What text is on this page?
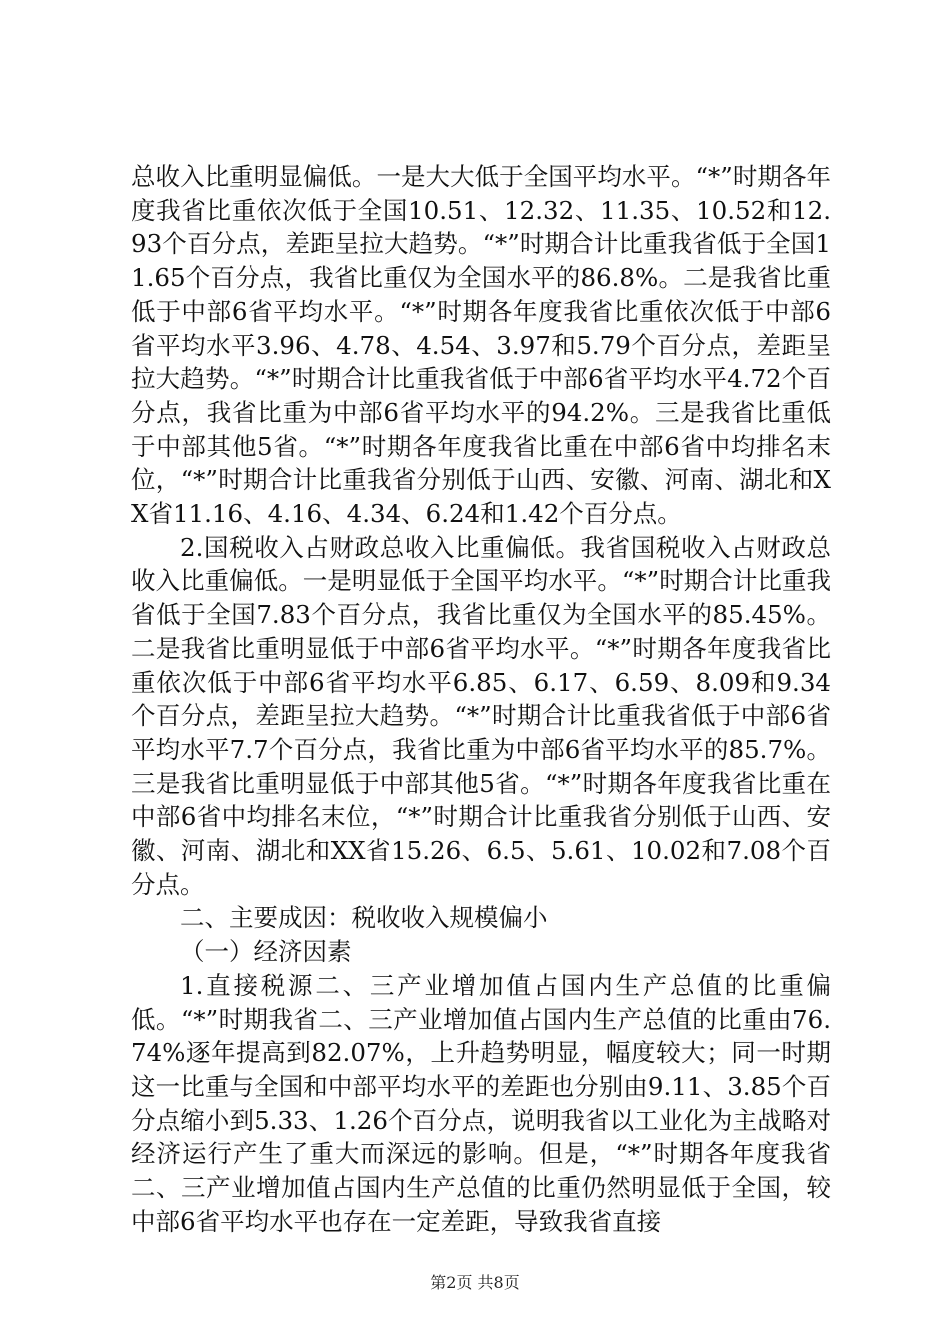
总收入比重明显偏低。一是大大低于全国平均水平。“*”时期各年度我省比重依次低于全国10.51、12.32、11.35、10.52和12.93个百分点，差距呈拉大趋势。“*”时期合计比重我省低于全国11.65个百分点，我省比重仅为全国水平的86.8%。二是我省比重低于中部6省平均水平。“*”时期各年度我省比重依次低于中部6省平均水平3.96、4.78、4.54、3.97和5.79个百分点，差距呈拉大趋势。“*”时期合计比重我省低于中部6省平均水平4.72个百分点，我省比重为中部6省平均水平的94.2%。三是我省比重低于中部其他5省。“*”时期各年度我省比重在中部6省中均排名末位，“*”时期合计比重我省分别低于山西、安徽、河南、湖北和XX省11.16、4.16、4.34、6.24和1.42个百分点。

2.国税收入占财政总收入比重偏低。我省国税收入占财政总收入比重偏低。一是明显低于全国平均水平。“*”时期合计比重我省低于全国7.83个百分点，我省比重仅为全国水平的85.45%。二是我省比重明显低于中部6省平均水平。“*”时期各年度我省比重依次低于中部6省平均水平6.85、6.17、6.59、8.09和9.34个百分点，差距呈拉大趋势。“*”时期合计比重我省低于中部6省平均水平7.7个百分点，我省比重为中部6省平均水平的85.7%。三是我省比重明显低于中部其他5省。“*”时期各年度我省比重在中部6省中均排名末位，“*”时期合计比重我省分别低于山西、安徽、河南、湖北和XX省15.26、6.5、5.61、10.02和7.08个百分点。

二、主要成因：税收收入规模偏小

（一）经济因素

1.直接税源二、三产业增加值占国内生产总值的比重偏低。“*”时期我省二、三产业增加值占国内生产总值的比重由76.74%逐年提高到82.07%，上升趋势明显，幅度较大；同一时期这一比重与全国和中部平均水平的差距也分别由9.11、3.85个百分点缩小到5.33、1.26个百分点，说明我省以工业化为主战略对经济运行产生了重大而深远的影响。但是，“*”时期各年度我省二、三产业增加值占国内生产总值的比重仍然明显低于全国，较中部6省平均水平也存在一定差距，导致我省直接

第2页 共8页
